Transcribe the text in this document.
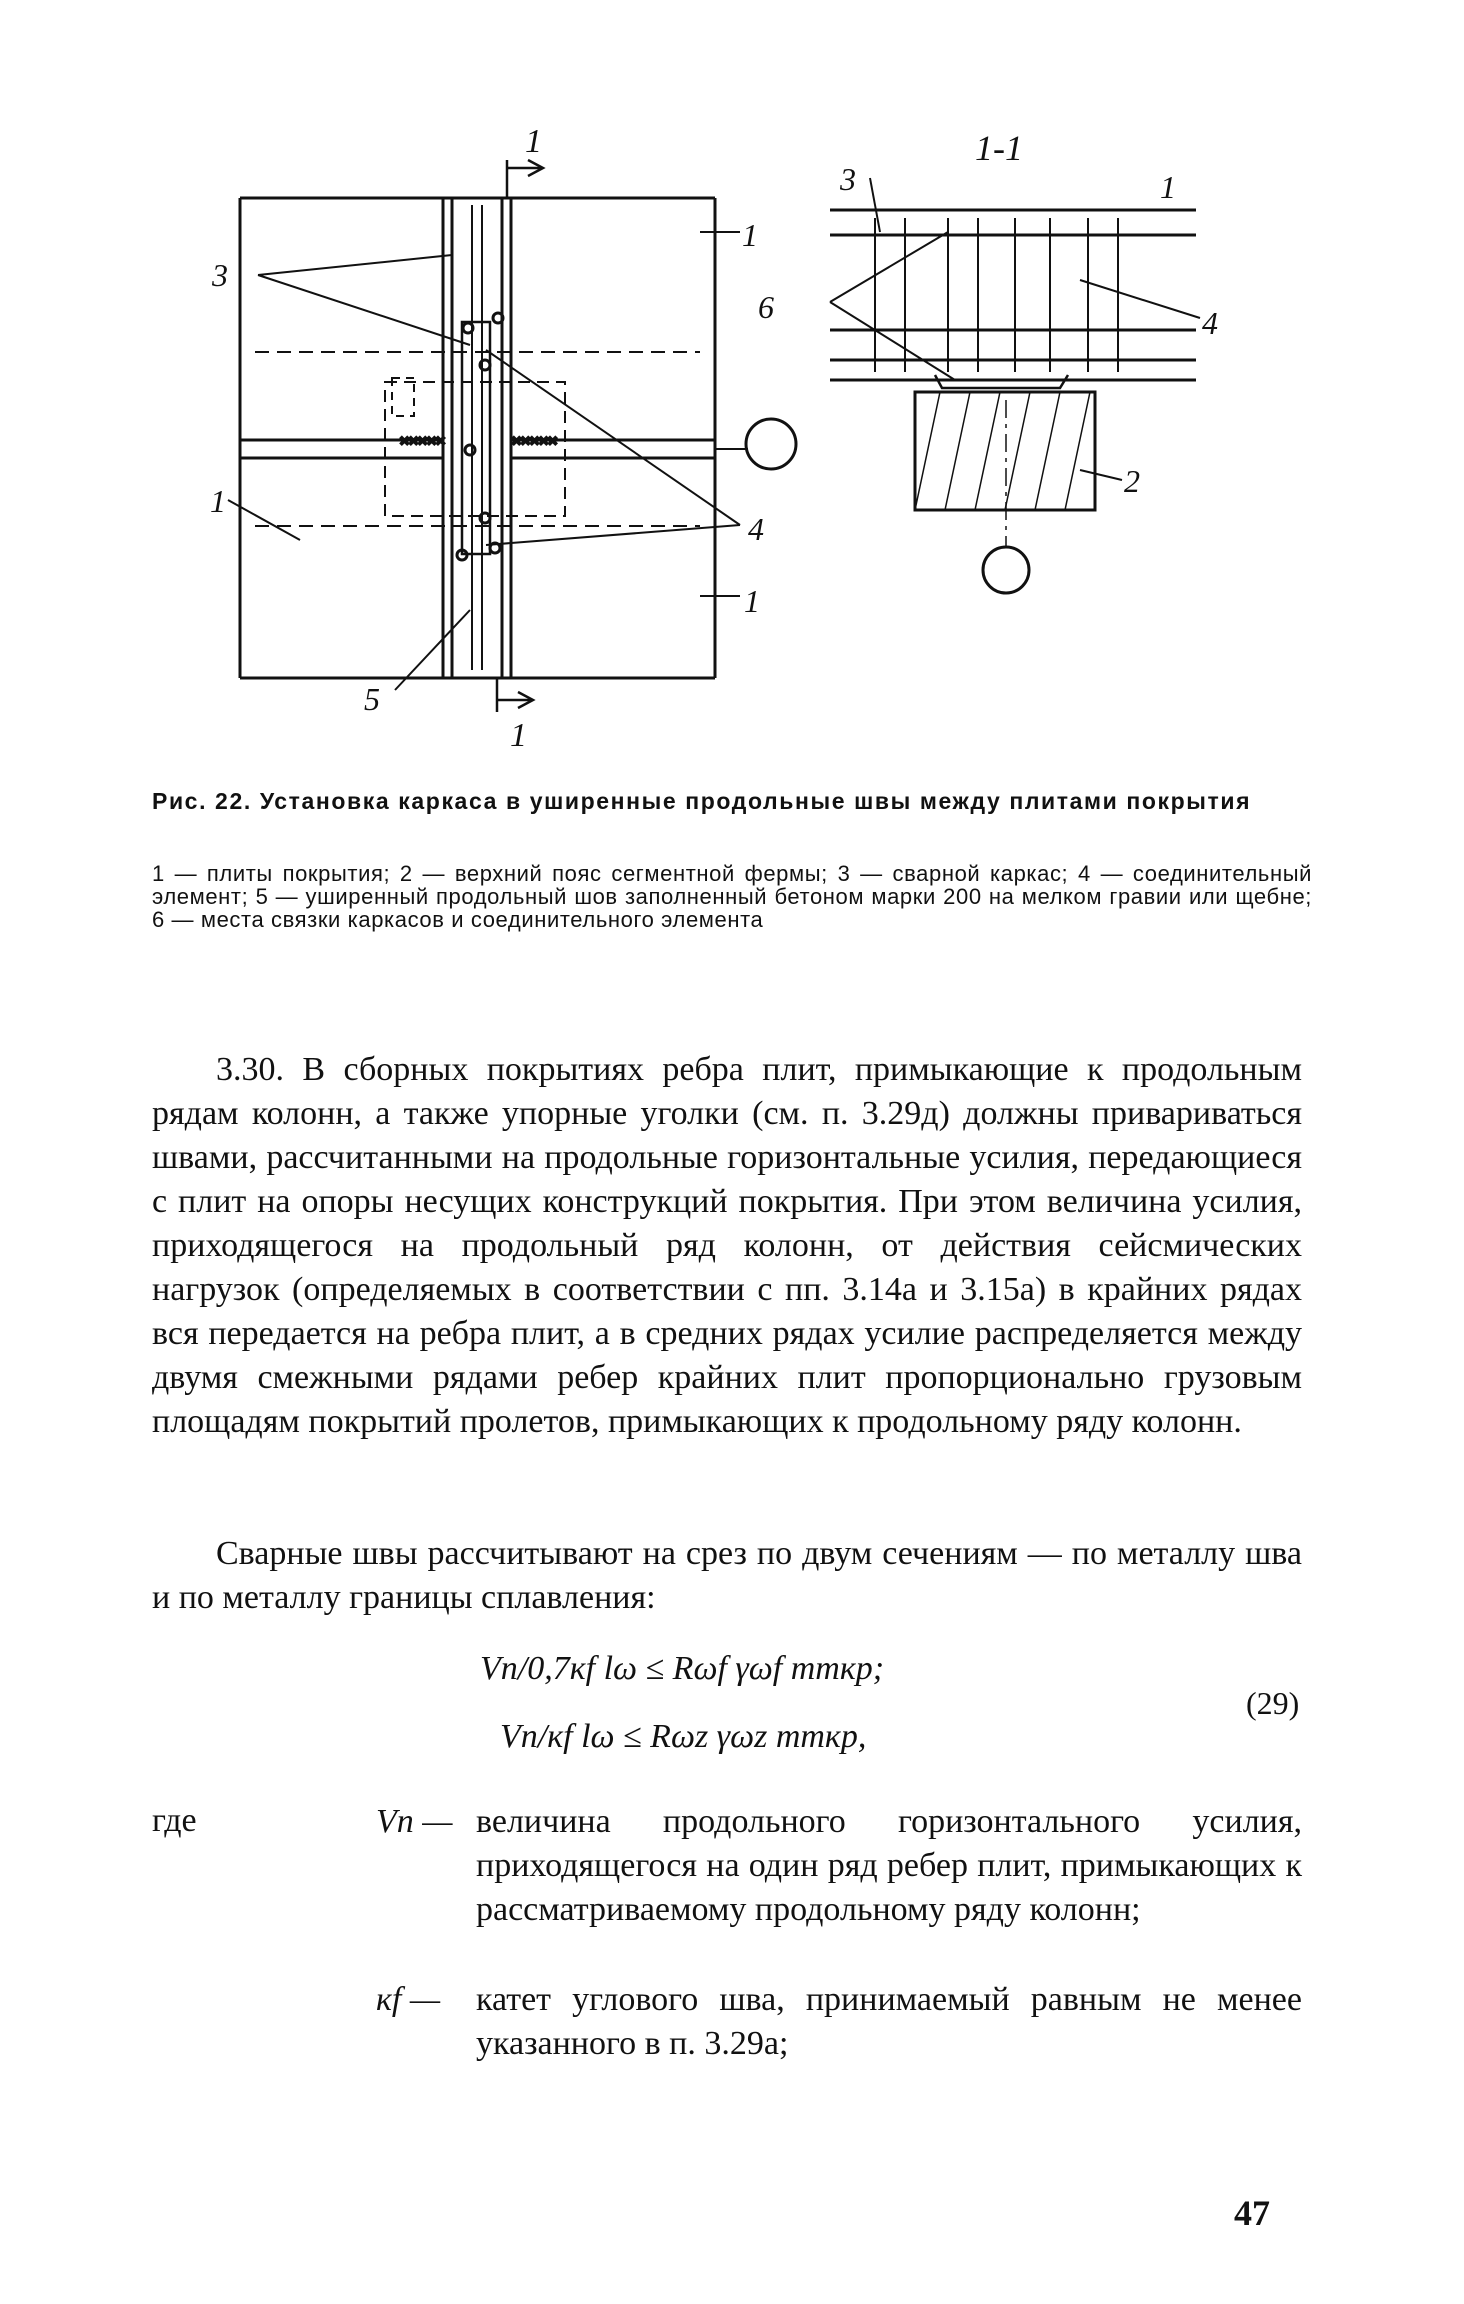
×××××	×××××
1
1
3
1
1
1
4
5
1-1
3	1
6	4
2
Рис. 22. Установка каркаса в уширенные продольные швы между плитами покрытия
1 — плиты покрытия; 2 — верхний пояс сегментной фермы; 3 — сварной каркас; 4 — соединительный элемент; 5 — уширенный продольный шов заполненный бетоном марки 200 на мелком гравии или щебне; 6 — места связки каркасов и соединительного элемента

3.30. В сборных покрытиях ребра плит, примыкающие к продольным рядам колонн, а также упорные уголки (см. п. 3.29д) должны привариваться швами, рассчитанными на продольные горизонтальные усилия, передающиеся с плит на опоры несущих конструкций покрытия. При этом величина усилия, приходящегося на продольный ряд колонн, от действия сейсмических нагрузок (определяемых в соответствии с пп. 3.14а и 3.15а) в крайних рядах вся передается на ребра плит, а в средних рядах усилие распределяется между двумя смежными рядами ребер крайних плит пропорционально грузовым площадям покрытий пролетов, примыкающих к продольному ряду колонн.

Сварные швы рассчитывают на срез по двум сечениям — по металлу шва и по металлу границы сплавления:

Vп/0,7кf lω ≤ Rωf γωf mmкр;
Vп/кf lω ≤ Rωz γωz mmкр,
(29)
где	Vп — величина продольного горизонтального усилия, приходящегося на один ряд ребер плит, примыкающих к рассматриваемому продольному ряду колонн;
кf —	катет углового шва, принимаемый равным не менее указанного в п. 3.29а;
47
